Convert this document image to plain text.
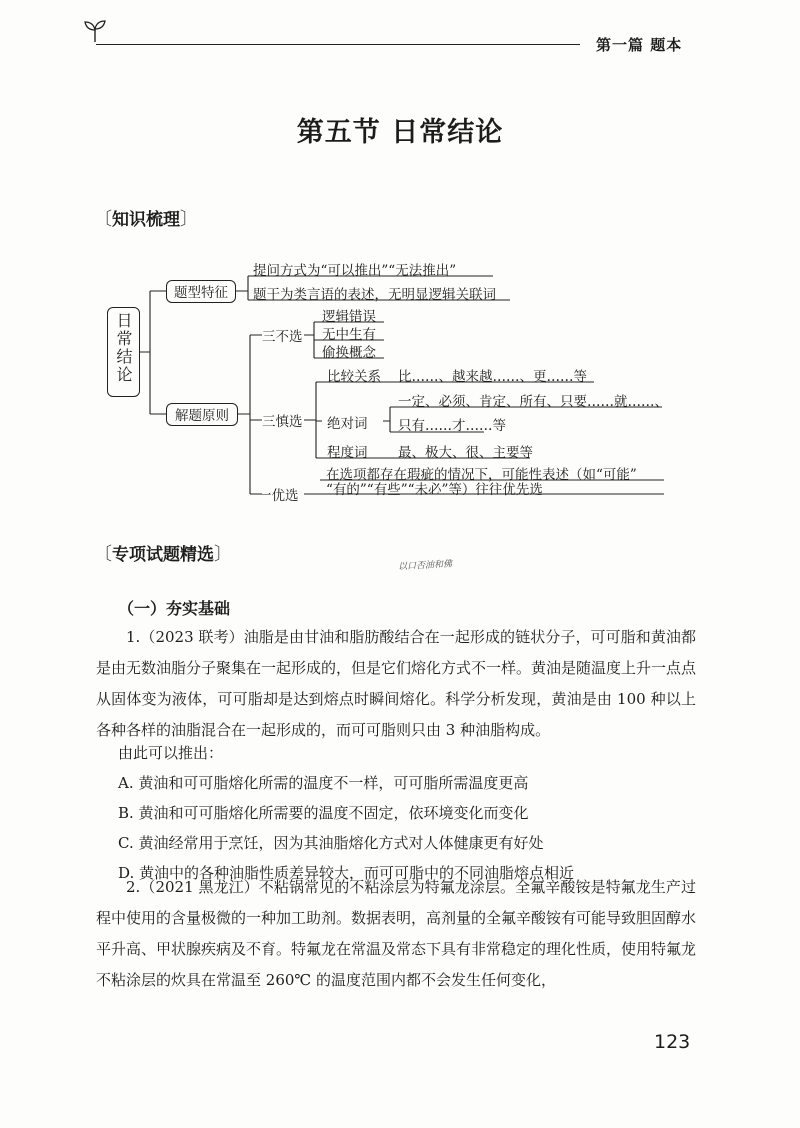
第一篇 题本
第五节 日常结论
〔知识梳理〕
日常结论
题型特征
提问方式为“可以推出”“无法推出”
题干为类言语的表述，无明显逻辑关联词
解题原则
三不选
逻辑错误
无中生有
偷换概念
三慎选
比较关系 比……、越来越……、更……等
绝对词
一定、必须、肯定、所有、只要……就……、
只有……才……等
程度词 最、极大、很、主要等
一优选
在选项都存在瑕疵的情况下，可能性表述（如“可能”
“有的”“有些”“未必”等）往往优先选
〔专项试题精选〕
以口否油和佛
（一）夯实基础
1.（2023 联考）油脂是由甘油和脂肪酸结合在一起形成的链状分子，可可脂和黄油都是由无数油脂分子聚集在一起形成的，但是它们熔化方式不一样。黄油是随温度上升一点点从固体变为液体，可可脂却是达到熔点时瞬间熔化。科学分析发现，黄油是由 100 种以上各种各样的油脂混合在一起形成的，而可可脂则只由 3 种油脂构成。
由此可以推出：
A. 黄油和可可脂熔化所需的温度不一样，可可脂所需温度更高
B. 黄油和可可脂熔化所需要的温度不固定，依环境变化而变化
C. 黄油经常用于烹饪，因为其油脂熔化方式对人体健康更有好处
D. 黄油中的各种油脂性质差异较大，而可可脂中的不同油脂熔点相近
2.（2021 黑龙江）不粘锅常见的不粘涂层为特氟龙涂层。全氟辛酸铵是特氟龙生产过程中使用的含量极微的一种加工助剂。数据表明，高剂量的全氟辛酸铵有可能导致胆固醇水平升高、甲状腺疾病及不育。特氟龙在常温及常态下具有非常稳定的理化性质，使用特氟龙不粘涂层的炊具在常温至 260℃ 的温度范围内都不会发生任何变化，
123
